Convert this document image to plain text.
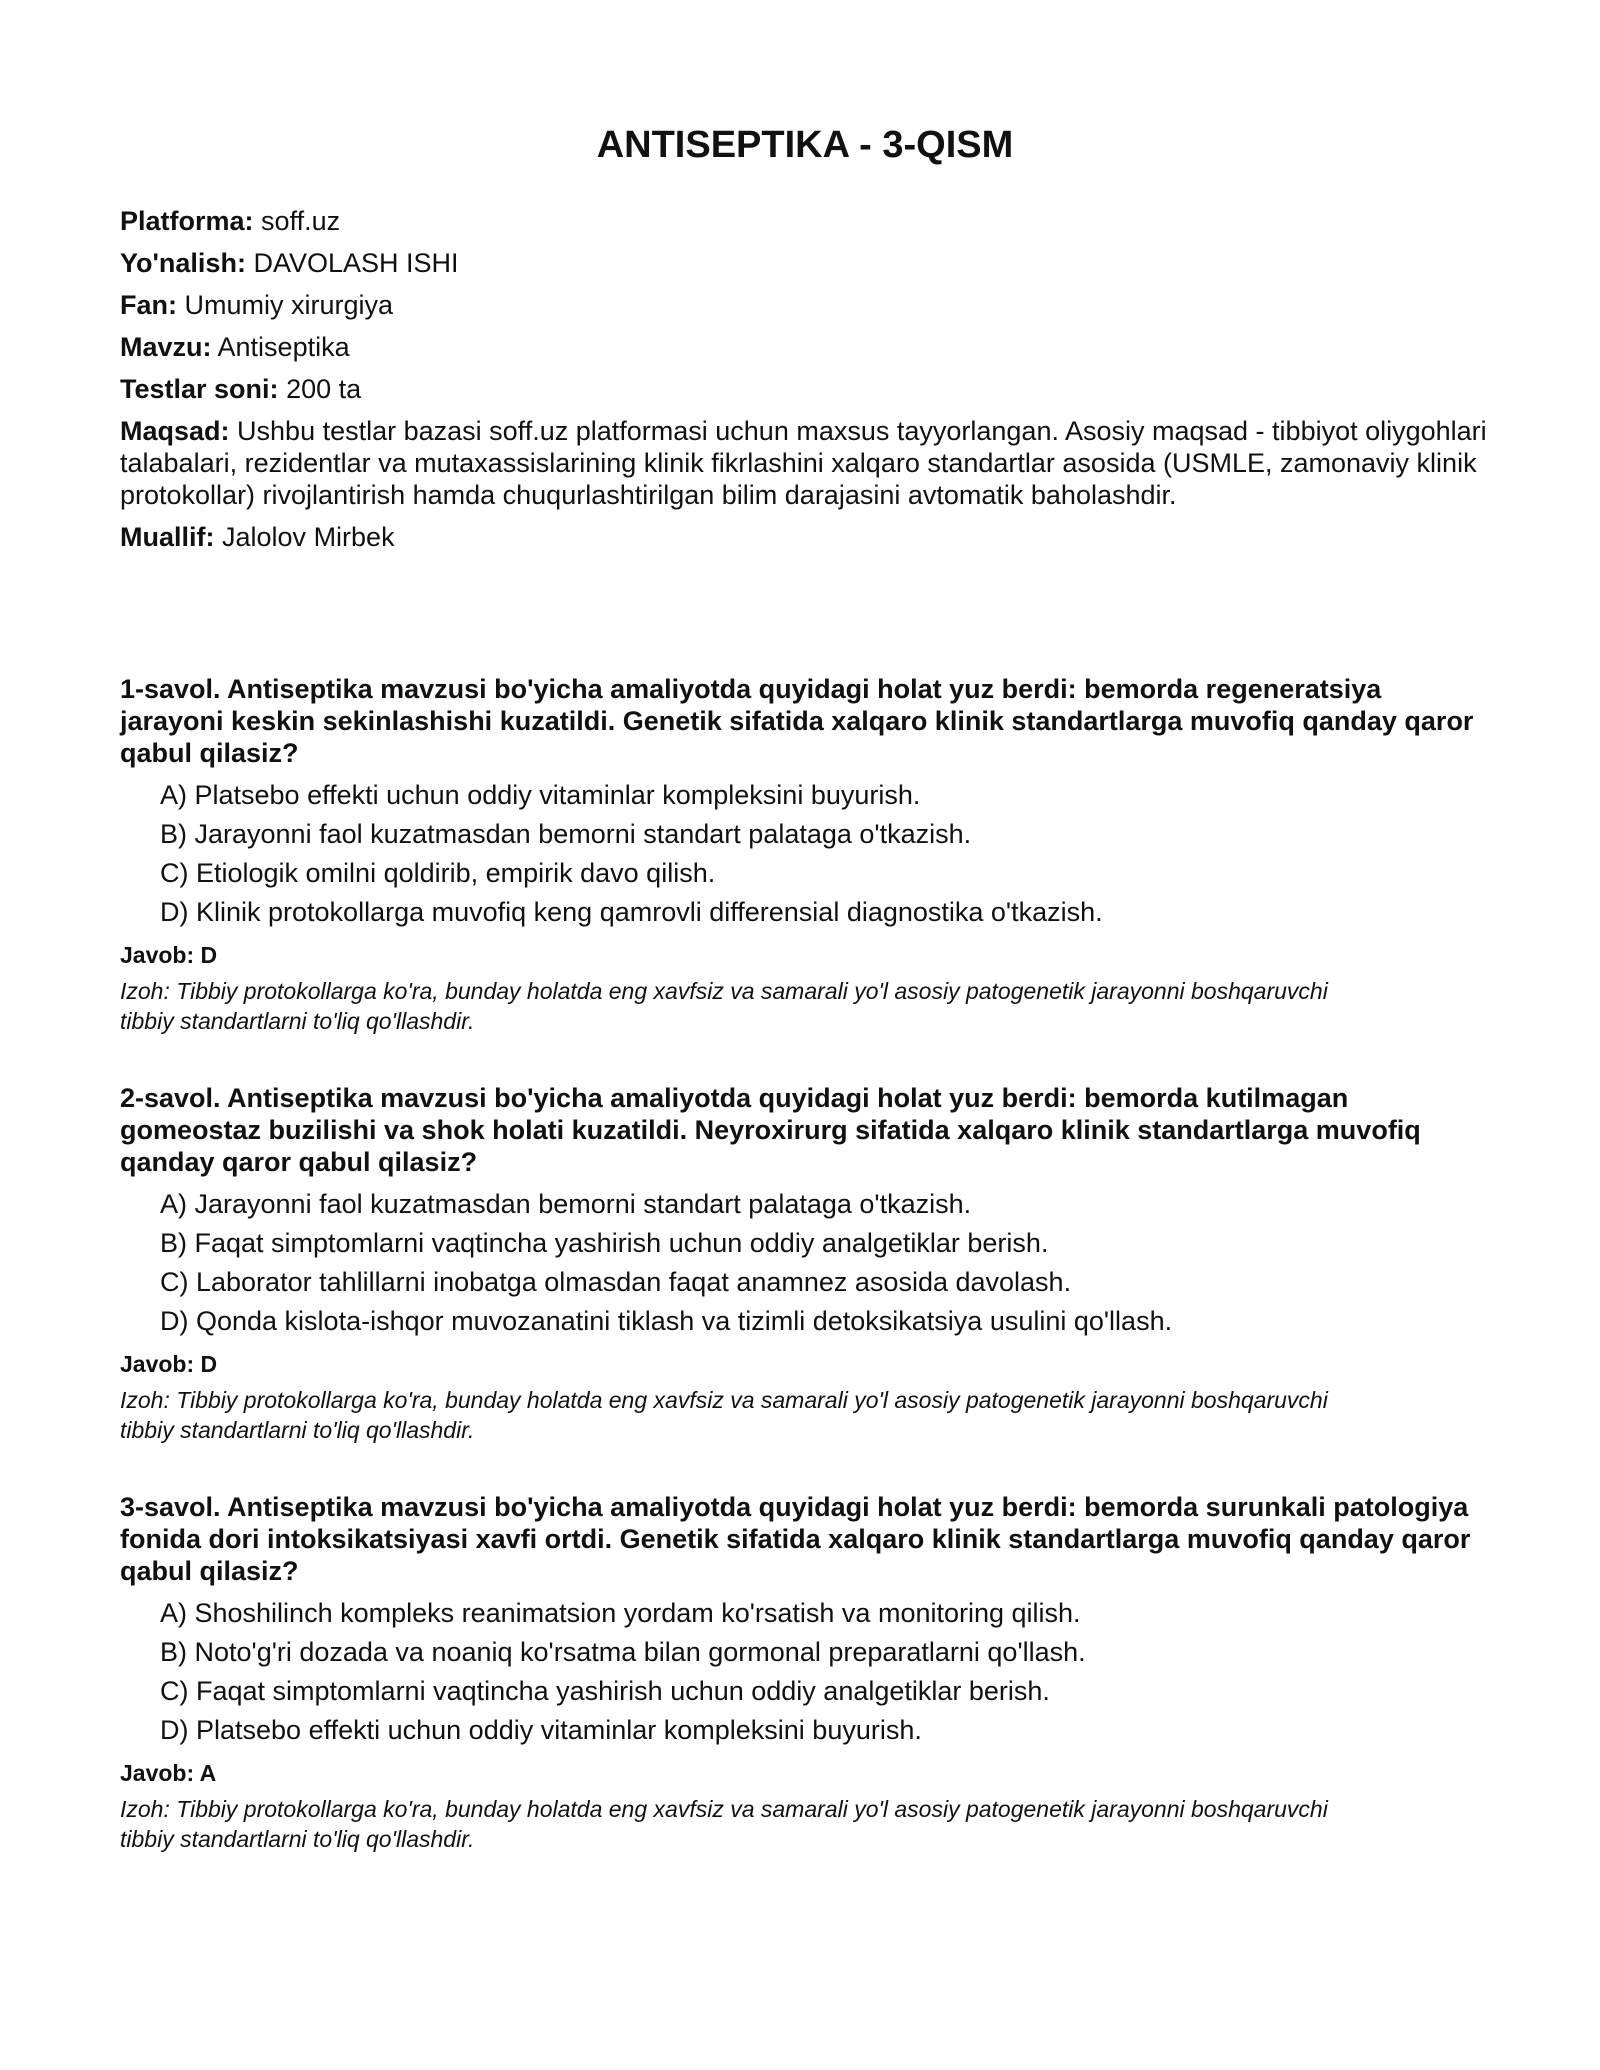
ANTISEPTIKA - 3-QISM

Platforma: soff.uz

Yo'nalish: DAVOLASH ISHI

Fan: Umumiy xirurgiya

Mavzu: Antiseptika

Testlar soni: 200 ta

Maqsad: Ushbu testlar bazasi soff.uz platformasi uchun maxsus tayyorlangan. Asosiy maqsad - tibbiyot oliygohlari talabalari, rezidentlar va mutaxassislarining klinik fikrlashini xalqaro standartlar asosida (USMLE, zamonaviy klinik protokollar) rivojlantirish hamda chuqurlashtirilgan bilim darajasini avtomatik baholashdir.

Muallif: Jalolov Mirbek

1-savol. Antiseptika mavzusi bo'yicha amaliyotda quyidagi holat yuz berdi: bemorda regeneratsiya jarayoni keskin sekinlashishi kuzatildi. Genetik sifatida xalqaro klinik standartlarga muvofiq qanday qaror qabul qilasiz?

A) Platsebo effekti uchun oddiy vitaminlar kompleksini buyurish.
B) Jarayonni faol kuzatmasdan bemorni standart palataga o'tkazish.
C) Etiologik omilni qoldirib, empirik davo qilish.
D) Klinik protokollarga muvofiq keng qamrovli differensial diagnostika o'tkazish.

Javob: D

Izoh: Tibbiy protokollarga ko'ra, bunday holatda eng xavfsiz va samarali yo'l asosiy patogenetik jarayonni boshqaruvchi tibbiy standartlarni to'liq qo'llashdir.

2-savol. Antiseptika mavzusi bo'yicha amaliyotda quyidagi holat yuz berdi: bemorda kutilmagan gomeostaz buzilishi va shok holati kuzatildi. Neyroxirurg sifatida xalqaro klinik standartlarga muvofiq qanday qaror qabul qilasiz?

A) Jarayonni faol kuzatmasdan bemorni standart palataga o'tkazish.
B) Faqat simptomlarni vaqtincha yashirish uchun oddiy analgetiklar berish.
C) Laborator tahlillarni inobatga olmasdan faqat anamnez asosida davolash.
D) Qonda kislota-ishqor muvozanatini tiklash va tizimli detoksikatsiya usulini qo'llash.

Javob: D

Izoh: Tibbiy protokollarga ko'ra, bunday holatda eng xavfsiz va samarali yo'l asosiy patogenetik jarayonni boshqaruvchi tibbiy standartlarni to'liq qo'llashdir.

3-savol. Antiseptika mavzusi bo'yicha amaliyotda quyidagi holat yuz berdi: bemorda surunkali patologiya fonida dori intoksikatsiyasi xavfi ortdi. Genetik sifatida xalqaro klinik standartlarga muvofiq qanday qaror qabul qilasiz?

A) Shoshilinch kompleks reanimatsion yordam ko'rsatish va monitoring qilish.
B) Noto'g'ri dozada va noaniq ko'rsatma bilan gormonal preparatlarni qo'llash.
C) Faqat simptomlarni vaqtincha yashirish uchun oddiy analgetiklar berish.
D) Platsebo effekti uchun oddiy vitaminlar kompleksini buyurish.

Javob: A

Izoh: Tibbiy protokollarga ko'ra, bunday holatda eng xavfsiz va samarali yo'l asosiy patogenetik jarayonni boshqaruvchi tibbiy standartlarni to'liq qo'llashdir.
